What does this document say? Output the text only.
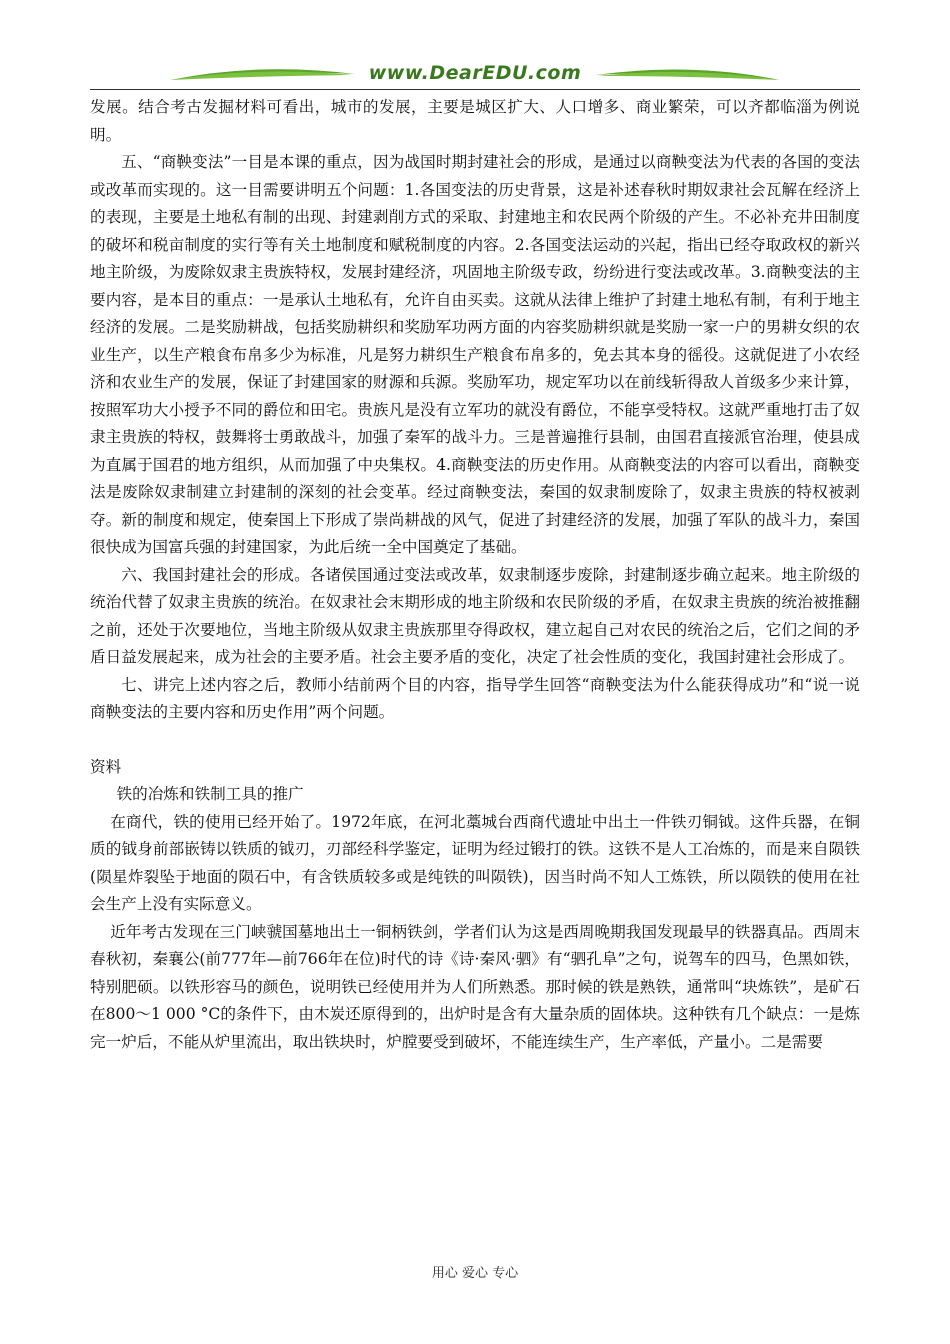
www.DearEDU.com

发展。结合考古发掘材料可看出，城市的发展，主要是城区扩大、人口增多、商业繁荣，可以齐都临淄为例说明。

五、“商鞅变法”一目是本课的重点，因为战国时期封建社会的形成，是通过以商鞅变法为代表的各国的变法或改革而实现的。这一目需要讲明五个问题：1.各国变法的历史背景，这是补述春秋时期奴隶社会瓦解在经济上的表现，主要是土地私有制的出现、封建剥削方式的采取、封建地主和农民两个阶级的产生。不必补充井田制度的破坏和税亩制度的实行等有关土地制度和赋税制度的内容。2.各国变法运动的兴起，指出已经夺取政权的新兴地主阶级，为废除奴隶主贵族特权，发展封建经济，巩固地主阶级专政，纷纷进行变法或改革。3.商鞅变法的主要内容，是本目的重点：一是承认土地私有，允许自由买卖。这就从法律上维护了封建土地私有制，有利于地主经济的发展。二是奖励耕战，包括奖励耕织和奖励军功两方面的内容奖励耕织就是奖励一家一户的男耕女织的农业生产，以生产粮食布帛多少为标准，凡是努力耕织生产粮食布帛多的，免去其本身的徭役。这就促进了小农经济和农业生产的发展，保证了封建国家的财源和兵源。奖励军功，规定军功以在前线斩得敌人首级多少来计算，按照军功大小授予不同的爵位和田宅。贵族凡是没有立军功的就没有爵位，不能享受特权。这就严重地打击了奴隶主贵族的特权，鼓舞将士勇敢战斗，加强了秦军的战斗力。三是普遍推行县制，由国君直接派官治理，使县成为直属于国君的地方组织，从而加强了中央集权。4.商鞅变法的历史作用。从商鞅变法的内容可以看出，商鞅变法是废除奴隶制建立封建制的深刻的社会变革。经过商鞅变法，秦国的奴隶制废除了，奴隶主贵族的特权被剥夺。新的制度和规定，使秦国上下形成了崇尚耕战的风气，促进了封建经济的发展，加强了军队的战斗力，秦国很快成为国富兵强的封建国家，为此后统一全中国奠定了基础。

六、我国封建社会的形成。各诸侯国通过变法或改革，奴隶制逐步废除，封建制逐步确立起来。地主阶级的统治代替了奴隶主贵族的统治。在奴隶社会末期形成的地主阶级和农民阶级的矛盾，在奴隶主贵族的统治被推翻之前，还处于次要地位，当地主阶级从奴隶主贵族那里夺得政权，建立起自己对农民的统治之后，它们之间的矛盾日益发展起来，成为社会的主要矛盾。社会主要矛盾的变化，决定了社会性质的变化，我国封建社会形成了。

七、讲完上述内容之后，教师小结前两个目的内容，指导学生回答“商鞅变法为什么能获得成功”和“说一说商鞅变法的主要内容和历史作用”两个问题。

资料

铁的冶炼和铁制工具的推广

在商代，铁的使用已经开始了。1972年底，在河北藁城台西商代遗址中出土一件铁刃铜钺。这件兵器，在铜质的钺身前部嵌铸以铁质的钺刃，刃部经科学鉴定，证明为经过锻打的铁。这铁不是人工冶炼的，而是来自陨铁(陨星炸裂坠于地面的陨石中，有含铁质较多或是纯铁的叫陨铁)，因当时尚不知人工炼铁，所以陨铁的使用在社会生产上没有实际意义。

近年考古发现在三门峡虢国墓地出土一铜柄铁剑，学者们认为这是西周晚期我国发现最早的铁器真品。西周末春秋初，秦襄公(前777年—前766年在位)时代的诗《诗·秦风·驷》有“驷孔阜”之句，说驾车的四马，色黑如铁，特别肥硕。以铁形容马的颜色，说明铁已经使用并为人们所熟悉。那时候的铁是熟铁，通常叫“块炼铁”，是矿石在800～1 000 °C的条件下，由木炭还原得到的，出炉时是含有大量杂质的固体块。这种铁有几个缺点：一是炼完一炉后，不能从炉里流出，取出铁块时，炉膛要受到破坏，不能连续生产，生产率低，产量小。二是需要

用心 爱心 专心
